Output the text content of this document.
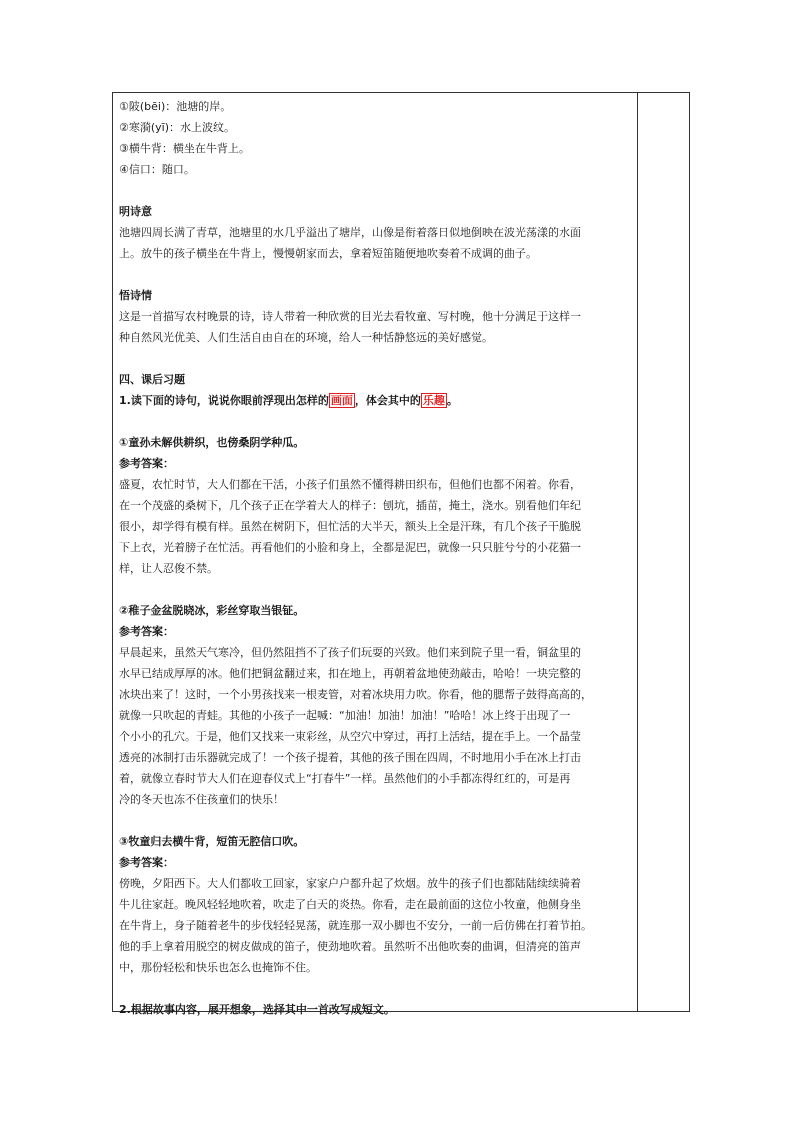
①陂(bēi)：池塘的岸。

②寒漪(yī)：水上波纹。

③横牛背：横坐在牛背上。

④信口：随口。

明诗意

池塘四周长满了青草，池塘里的水几乎溢出了塘岸，山像是衔着落日似地倒映在波光荡漾的水面

上。放牛的孩子横坐在牛背上，慢慢朝家而去，拿着短笛随便地吹奏着不成调的曲子。

悟诗情

这是一首描写农村晚景的诗，诗人带着一种欣赏的目光去看牧童、写村晚，他十分满足于这样一

种自然风光优美、人们生活自由自在的环境，给人一种恬静悠远的美好感觉。

四、课后习题

1.读下面的诗句，说说你眼前浮现出怎样的 画面 ，体会其中的 乐趣 。

①童孙未解供耕织，也傍桑阴学种瓜。

参考答案：

盛夏，农忙时节，大人们都在干活，小孩子们虽然不懂得耕田织布，但他们也都不闲着。你看，

在一个茂盛的桑树下，几个孩子正在学着大人的样子：刨坑，插苗，掩土，浇水。别看他们年纪

很小，却学得有模有样。虽然在树阴下，但忙活的大半天，额头上全是汗珠，有几个孩子干脆脱

下上衣，光着膀子在忙活。再看他们的小脸和身上，全都是泥巴，就像一只只脏兮兮的小花猫一

样，让人忍俊不禁。

②稚子金盆脱晓冰，彩丝穿取当银钲。

参考答案：

早晨起来，虽然天气寒冷，但仍然阻挡不了孩子们玩耍的兴致。他们来到院子里一看，铜盆里的

水早已结成厚厚的冰。他们把铜盆翻过来，扣在地上，再朝着盆地使劲敲击，哈哈！一块完整的

冰块出来了！这时，一个小男孩找来一根麦管，对着冰块用力吹。你看，他的腮帮子鼓得高高的，

就像一只吹起的青蛙。其他的小孩子一起喊：“加油！加油！加油！”哈哈！冰上终于出现了一

个小小的孔穴。于是，他们又找来一束彩丝，从空穴中穿过，再打上活结，提在手上。一个晶莹

透亮的冰制打击乐器就完成了！一个孩子提着，其他的孩子围在四周，不时地用小手在冰上打击

着，就像立春时节大人们在迎春仪式上“打春牛”一样。虽然他们的小手都冻得红红的，可是再

冷的冬天也冻不住孩童们的快乐！

③牧童归去横牛背，短笛无腔信口吹。

参考答案：

傍晚，夕阳西下。大人们都收工回家，家家户户都升起了炊烟。放牛的孩子们也都陆陆续续骑着

牛儿往家赶。晚风轻轻地吹着，吹走了白天的炎热。你看，走在最前面的这位小牧童，他侧身坐

在牛背上，身子随着老牛的步伐轻轻晃荡，就连那一双小脚也不安分，一前一后仿佛在打着节拍。

他的手上拿着用脱空的树皮做成的笛子，使劲地吹着。虽然听不出他吹奏的曲调，但清亮的笛声

中，那份轻松和快乐也怎么也掩饰不住。

2.根据故事内容，展开想象，选择其中一首改写成短文。
